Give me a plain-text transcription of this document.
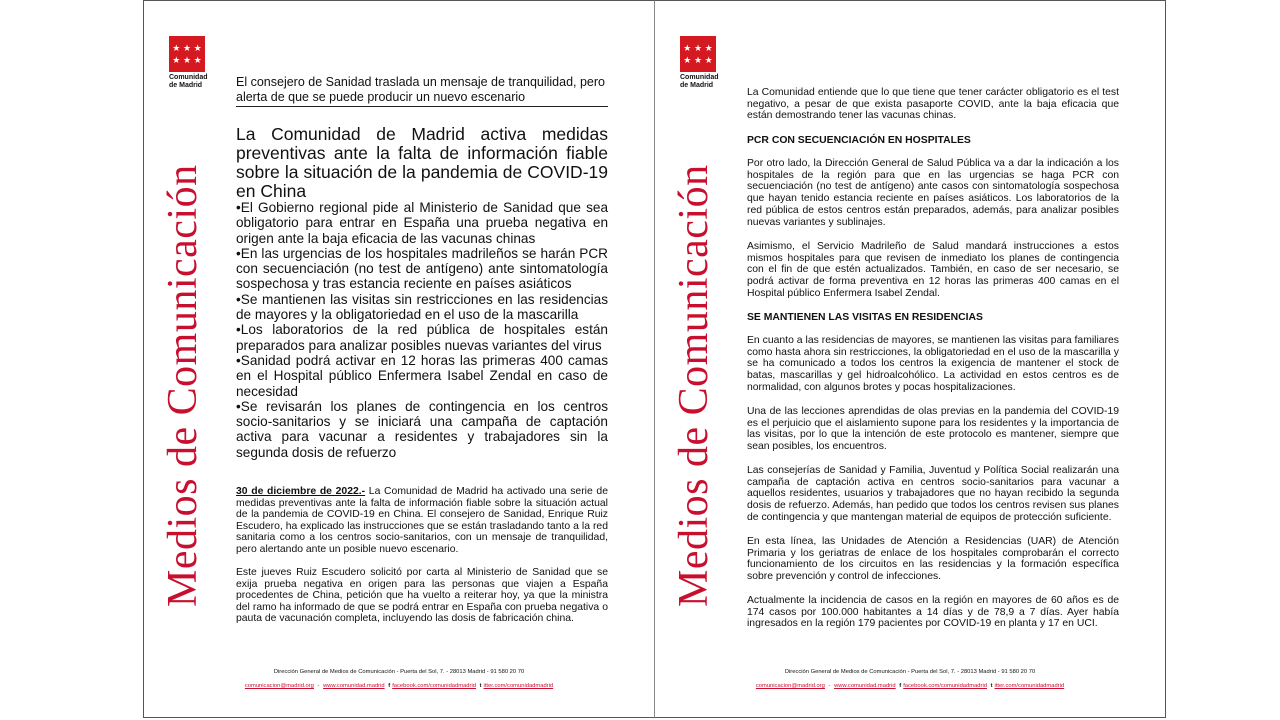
★ ★ ★
★ ★ ★
Comunidad
de Madrid
Medios de Comunicación
El consejero de Sanidad traslada un mensaje de tranquilidad, pero alerta de que se puede producir un nuevo escenario
La Comunidad de Madrid activa medidas preventivas ante la falta de información fiable sobre la situación de la pandemia de COVID-19 en China
• El Gobierno regional pide al Ministerio de Sanidad que sea obligatorio para entrar en España una prueba negativa en origen ante la baja eficacia de las vacunas chinas
• En las urgencias de los hospitales madrileños se harán PCR con secuenciación (no test de antígeno) ante sintomatología sospechosa y tras estancia reciente en países asiáticos
• Se mantienen las visitas sin restricciones en las residencias de mayores y la obligatoriedad en el uso de la mascarilla
• Los laboratorios de la red pública de hospitales están preparados para analizar posibles nuevas variantes del virus
• Sanidad podrá activar en 12 horas las primeras 400 camas en el Hospital público Enfermera Isabel Zendal en caso de necesidad
• Se revisarán los planes de contingencia en los centros socio-sanitarios y se iniciará una campaña de captación activa para vacunar a residentes y trabajadores sin la segunda dosis de refuerzo

30 de diciembre de 2022.- La Comunidad de Madrid ha activado una serie de medidas preventivas ante la falta de información fiable sobre la situación actual de la pandemia de COVID-19 en China. El consejero de Sanidad, Enrique Ruiz Escudero, ha explicado las instrucciones que se están trasladando tanto a la red sanitaria como a los centros socio-sanitarios, con un mensaje de tranquilidad, pero alertando ante un posible nuevo escenario.

Este jueves Ruiz Escudero solicitó por carta al Ministerio de Sanidad que se exija prueba negativa en origen para las personas que viajen a España procedentes de China, petición que ha vuelto a reiterar hoy, ya que la ministra del ramo ha informado de que se podrá entrar en España con prueba negativa o pauta de vacunación completa, incluyendo las dosis de fabricación china.

Dirección General de Medios de Comunicación - Puerta del Sol, 7. - 28013 Madrid - 91 580 20 70
comunicacion@madrid.org - www.comunidad.madrid f facebook.com/comunidadmadrid t itter.com/comunidadmadrid
★ ★ ★
★ ★ ★
Comunidad
de Madrid
Medios de Comunicación

La Comunidad entiende que lo que tiene que tener carácter obligatorio es el test negativo, a pesar de que exista pasaporte COVID, ante la baja eficacia que están demostrando tener las vacunas chinas.

PCR CON SECUENCIACIÓN EN HOSPITALES

Por otro lado, la Dirección General de Salud Pública va a dar la indicación a los hospitales de la región para que en las urgencias se haga PCR con secuenciación (no test de antígeno) ante casos con sintomatología sospechosa que hayan tenido estancia reciente en países asiáticos. Los laboratorios de la red pública de estos centros están preparados, además, para analizar posibles nuevas variantes y sublinajes.

Asimismo, el Servicio Madrileño de Salud mandará instrucciones a estos mismos hospitales para que revisen de inmediato los planes de contingencia con el fin de que estén actualizados. También, en caso de ser necesario, se podrá activar de forma preventiva en 12 horas las primeras 400 camas en el Hospital público Enfermera Isabel Zendal.

SE MANTIENEN LAS VISITAS EN RESIDENCIAS

En cuanto a las residencias de mayores, se mantienen las visitas para familiares como hasta ahora sin restricciones, la obligatoriedad en el uso de la mascarilla y se ha comunicado a todos los centros la exigencia de mantener el stock de batas, mascarillas y gel hidroalcohólico. La actividad en estos centros es de normalidad, con algunos brotes y pocas hospitalizaciones.

Una de las lecciones aprendidas de olas previas en la pandemia del COVID-19 es el perjuicio que el aislamiento supone para los residentes y la importancia de las visitas, por lo que la intención de este protocolo es mantener, siempre que sean posibles, los encuentros.

Las consejerías de Sanidad y Familia, Juventud y Política Social realizarán una campaña de captación activa en centros socio-sanitarios para vacunar a aquellos residentes, usuarios y trabajadores que no hayan recibido la segunda dosis de refuerzo. Además, han pedido que todos los centros revisen sus planes de contingencia y que mantengan material de equipos de protección suficiente.

En esta línea, las Unidades de Atención a Residencias (UAR) de Atención Primaria y los geriatras de enlace de los hospitales comprobarán el correcto funcionamiento de los circuitos en las residencias y la formación específica sobre prevención y control de infecciones.

Actualmente la incidencia de casos en la región en mayores de 60 años es de 174 casos por 100.000 habitantes a 14 días y de 78,9 a 7 días. Ayer había ingresados en la región 179 pacientes por COVID-19 en planta y 17 en UCI.

Dirección General de Medios de Comunicación - Puerta del Sol, 7. - 28013 Madrid - 91 580 20 70
comunicacion@madrid.org - www.comunidad.madrid f facebook.com/comunidadmadrid t itter.com/comunidadmadrid
